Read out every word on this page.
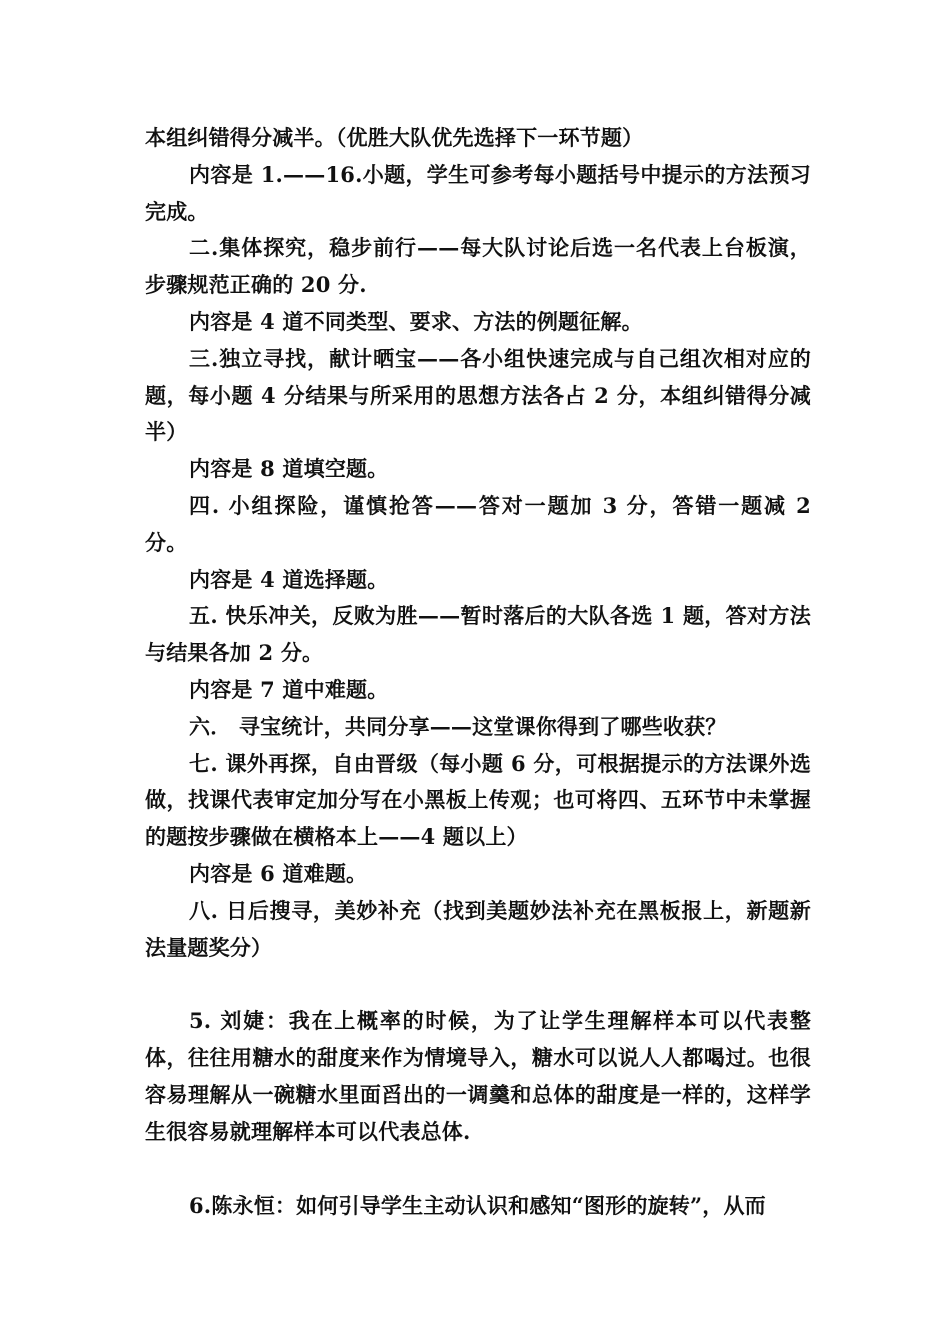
本组纠错得分减半。（优胜大队优先选择下一环节题）

内容是 1.——16.小题，学生可参考每小题括号中提示的方法预习完成。

二.集体探究，稳步前行——每大队讨论后选一名代表上台板演，步骤规范正确的 20 分.

内容是 4 道不同类型、要求、方法的例题征解。

三.独立寻找，献计晒宝——各小组快速完成与自己组次相对应的题，每小题 4 分结果与所采用的思想方法各占 2 分，本组纠错得分减半）

内容是 8 道填空题。

四. 小组探险，谨慎抢答——答对一题加 3 分，答错一题减 2 分。

内容是 4 道选择题。

五. 快乐冲关，反败为胜——暂时落后的大队各选 1 题，答对方法与结果各加 2 分。

内容是 7 道中难题。

六． 寻宝统计，共同分享——这堂课你得到了哪些收获？

七. 课外再探，自由晋级（每小题 6 分，可根据提示的方法课外选做，找课代表审定加分写在小黑板上传观；也可将四、五环节中未掌握的题按步骤做在横格本上——4 题以上）

内容是 6 道难题。

八. 日后搜寻，美妙补充（找到美题妙法补充在黑板报上，新题新法量题奖分）

5. 刘婕：我在上概率的时候，为了让学生理解样本可以代表整体，往往用糖水的甜度来作为情境导入，糖水可以说人人都喝过。也很容易理解从一碗糖水里面舀出的一调羹和总体的甜度是一样的，这样学生很容易就理解样本可以代表总体.

6.陈永恒：如何引导学生主动认识和感知“图形的旋转”，从而
